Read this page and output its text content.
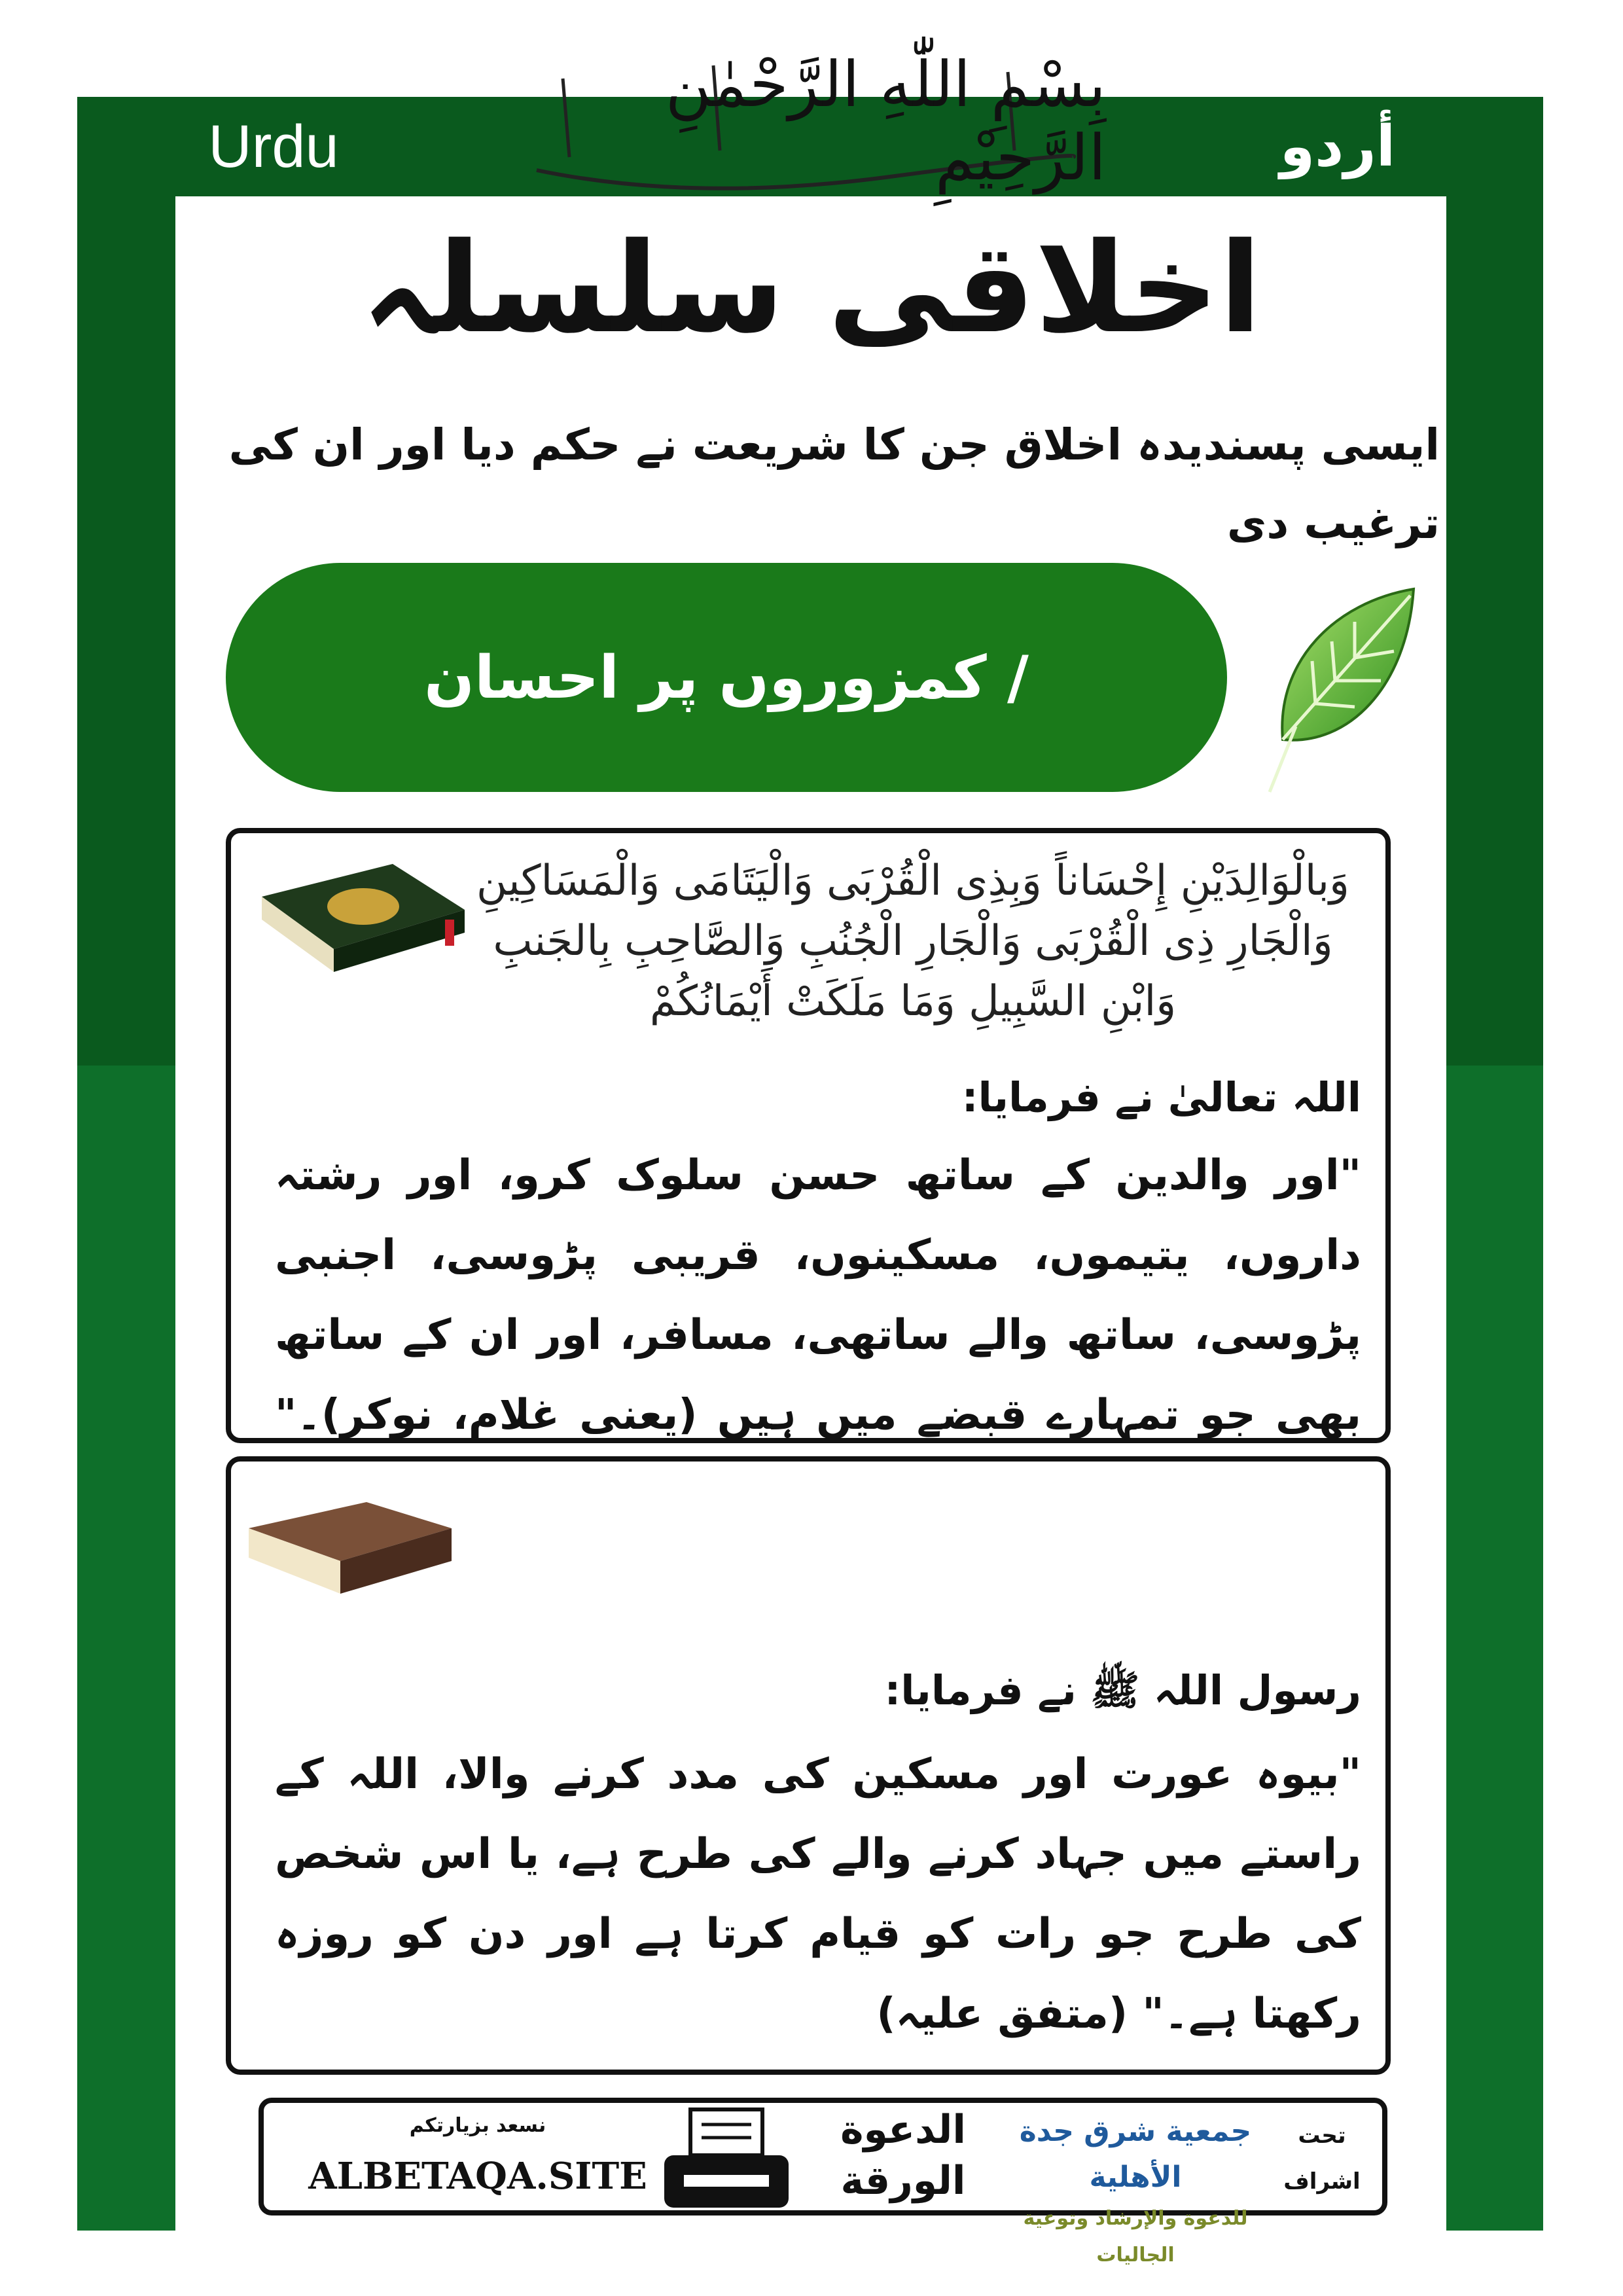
Urdu	أردو
بِسْمِ اللّٰهِ الرَّحْمٰنِ الرَّحِيْمِ
اخلاقی سلسلہ
ایسی پسندیدہ اخلاق جن کا شریعت نے حکم دیا اور ان کی ترغیب دی
/ کمزوروں پر احسان
وَبالْوَالِدَيْنِ إِحْسَاناً وَبِذِی الْقُرْبَى وَالْيَتَامَى وَالْمَسَاكِينِ
وَالْجَارِ ذِی الْقُرْبَى وَالْجَارِ الْجُنُبِ وَالصَّاحِبِ بِالجَنبِ
وَابْنِ السَّبِيلِ وَمَا مَلَكَتْ أَيْمَانُكُمْ
اللہ تعالیٰ نے فرمایا:
"اور والدین کے ساتھ حسن سلوک کرو، اور رشتہ داروں، یتیموں، مسکینوں، قریبی پڑوسی، اجنبی پڑوسی، ساتھ والے ساتھی، مسافر، اور ان کے ساتھ بھی جو تمہارے قبضے میں ہیں (یعنی غلام، نوکر)۔"
رسول اللہ ﷺ نے فرمایا:
"بیوہ عورت اور مسکین کی مدد کرنے والا، اللہ کے راستے میں جہاد کرنے والے کی طرح ہے، یا اس شخص کی طرح جو رات کو قیام کرتا ہے اور دن کو روزہ رکھتا ہے۔" (متفق علیہ)
نسعد بزيارتكم
ALBETAQA.SITE
الدعوة
الورقة
جمعية شرق جدة الأهلية
للدعوة والإرشاد وتوعية الجاليات
تحت
اشراف
